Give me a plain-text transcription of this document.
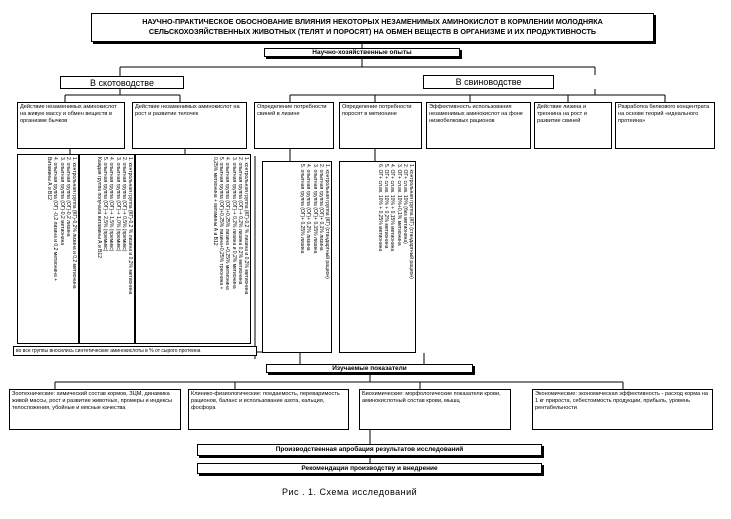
НАУЧНО-ПРАКТИЧЕСКОЕ ОБОСНОВАНИЕ ВЛИЯНИЯ НЕКОТОРЫХ НЕЗАМЕНИМЫХ АМИНОКИСЛОТ В КОРМЛЕНИИ МОЛОДНЯКА СЕЛЬСКОХОЗЯЙСТВЕННЫХ ЖИВОТНЫХ (ТЕЛЯТ И ПОРОСЯТ) НА ОБМЕН ВЕЩЕСТВ В ОРГАНИЗМЕ И ИХ ПРОДУКТИВНОСТЬ
Научно-хозяйственные опыты
В скотоводстве	В свиноводстве
Действие незаменимых аминокислот на живую массу и обмен веществ в организме бычков
Действие незаменимых аминокислот на рост и развитие телочек
Определение потребности свиней в лизине
Определение потребности поросят в метионине
Эффективность использования незаменимых аминокислот на фоне низкобелковых рационов
Действие лизина и треонина на рост и развитие свиней
Разработка белкового концентрата на основе теорий «идеального протеина»
1. контрольная группа (КГ)-0,2% лизина и 0,2 метионина
2. опытная группа (ОГ)-0,2 лизина
3. опытная группа (ОГ)-0,2 метионина
4. опытная группа (ОГ) -0,2 лизина и 0,2 метионина +
Витамины А и В12	1. контрольная группа (КГ)-0,2 % лизина и 0,2% метионина
2. опытная группа (ОГ)-+ 0,5% (премикс)
3. опытная группа (ОГ)-+ 1,0% (премикс)
4. опытная группа (ОГ)-+ 1,5% (премикс)
5. опытная группа (ОГ)-+ 2,5% (премикс)
Каждая группа получала витамины А и В12	1. контрольная группа (КГ)-0,2 % лизина и 0,2% метионина
2. опытная группа (ОГ)-+ 0,2% лизина 0,2% метионина
3. опытная группа (ОГ)-+ 0,2% лизина и 0,2% метионина
4. опытная группа (ОГ)+0,25% лизина +0,25% метионина
5. опытная группа (ОГ)+0,25% лизина+0,25% треонина +
0,25% метионина + витамины А и В12
во все группы вносились синтетические аминокислоты в % от сырого протеина
1. контрольная группа (КГ) (стандартный рацион)
2. опытная группа (ОГ)+ 0,1% лизина
3. опытная группа (ОГ)+ 0,15% лизина
4. опытная группа (ОГ)+ 0,2% лизина
5. опытная группа (ОГ)+ 0,25% лизина	1. контрольная группа (КГ) (стандартный рацион)
2. ОГ+ сл.вк. 10% (без метионина)
3. ОГ+ сл.вк. 10%+0,1% метионина
4. ОГ+ сл.вк. 10% + 0,15% метионина
5. ОГ+ сл.вк. 10% + 0,2% метионина
6. ОГ+ сл.вк. 10% + 0,25% метионина
Изучаемые показатели
Зоотехнические: химический состав кормов, ЗЦМ, динамика живой массы, рост и развитие животных, промеры и индексы телосложения, убойные и мясные качества
Клинико-физиологические: поедаемость, переваримость рационов, баланс и использование азота, кальция, фосфора
Биохимические: морфологические показатели крови, аминокислотный состав крови, мышц
Экономические: экономическая эффективность - расход корма на 1 кг прироста, себестоимость продукции, прибыль, уровень рентабельности
Производственная апробация результатов исследований
Рекомендации производству и внедрение
Рис . 1. Схема исследований
